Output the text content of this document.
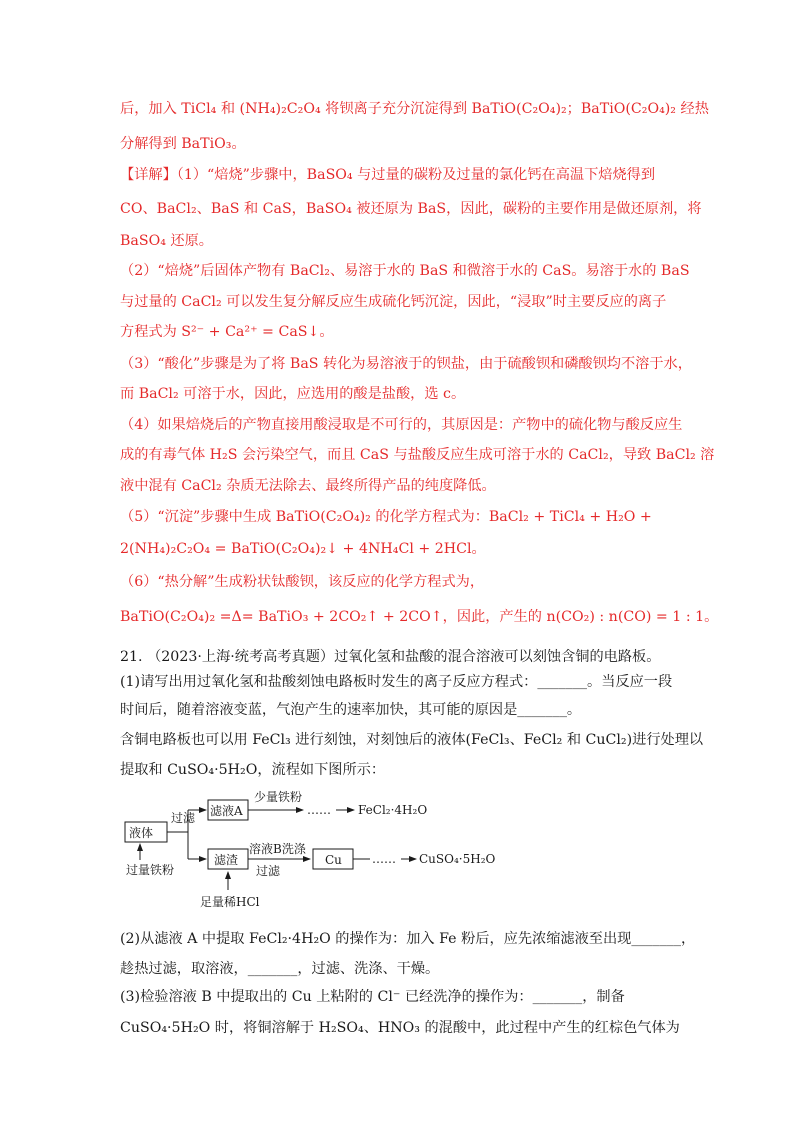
后，加入 TiCl₄ 和 (NH₄)₂C₂O₄ 将钡离子充分沉淀得到 BaTiO(C₂O₄)₂；BaTiO(C₂O₄)₂ 经热
分解得到 BaTiO₃。
【详解】（1）“焙烧”步骤中，BaSO₄ 与过量的碳粉及过量的氯化钙在高温下焙烧得到
CO、BaCl₂、BaS 和 CaS，BaSO₄ 被还原为 BaS，因此，碳粉的主要作用是做还原剂，将
BaSO₄ 还原。
（2）“焙烧”后固体产物有 BaCl₂、易溶于水的 BaS 和微溶于水的 CaS。易溶于水的 BaS
与过量的 CaCl₂ 可以发生复分解反应生成硫化钙沉淀，因此，“浸取”时主要反应的离子
方程式为 S²⁻ + Ca²⁺ = CaS↓。
（3）“酸化”步骤是为了将 BaS 转化为易溶液于的钡盐，由于硫酸钡和磷酸钡均不溶于水，
而 BaCl₂ 可溶于水，因此，应选用的酸是盐酸，选 c。
（4）如果焙烧后的产物直接用酸浸取是不可行的，其原因是：产物中的硫化物与酸反应生
成的有毒气体 H₂S 会污染空气，而且 CaS 与盐酸反应生成可溶于水的 CaCl₂，导致 BaCl₂ 溶
液中混有 CaCl₂ 杂质无法除去、最终所得产品的纯度降低。
（5）“沉淀”步骤中生成 BaTiO(C₂O₄)₂ 的化学方程式为：BaCl₂ + TiCl₄ + H₂O +
2(NH₄)₂C₂O₄ = BaTiO(C₂O₄)₂↓ + 4NH₄Cl + 2HCl。
（6）“热分解”生成粉状钛酸钡，该反应的化学方程式为，
BaTiO(C₂O₄)₂ =Δ= BaTiO₃ + 2CO₂↑ + 2CO↑，因此，产生的 n(CO₂) : n(CO) = 1 : 1。
21. （2023·上海·统考高考真题）过氧化氢和盐酸的混合溶液可以刻蚀含铜的电路板。
(1)请写出用过氧化氢和盐酸刻蚀电路板时发生的离子反应方程式：_______。当反应一段
时间后，随着溶液变蓝，气泡产生的速率加快，其可能的原因是_______。
含铜电路板也可以用 FeCl₃ 进行刻蚀，对刻蚀后的液体(FeCl₃、FeCl₂ 和 CuCl₂)进行处理以
提取和 CuSO₄·5H₂O，流程如下图所示：
(2)从滤液 A 中提取 FeCl₂·4H₂O 的操作为：加入 Fe 粉后，应先浓缩滤液至出现_______，
趁热过滤，取溶液，_______，过滤、洗涤、干燥。
(3)检验溶液 B 中提取出的 Cu 上粘附的 Cl⁻ 已经洗净的操作为：_______，制备
CuSO₄·5H₂O 时，将铜溶解于 H₂SO₄、HNO₃ 的混酸中，此过程中产生的红棕色气体为
液体
过滤 滤液A
少量铁粉
…… FeCl₂·4H₂O
滤渣
过量铁粉
溶液B洗涤
过滤
足量稀HCl
Cu	…… CuSO₄·5H₂O
